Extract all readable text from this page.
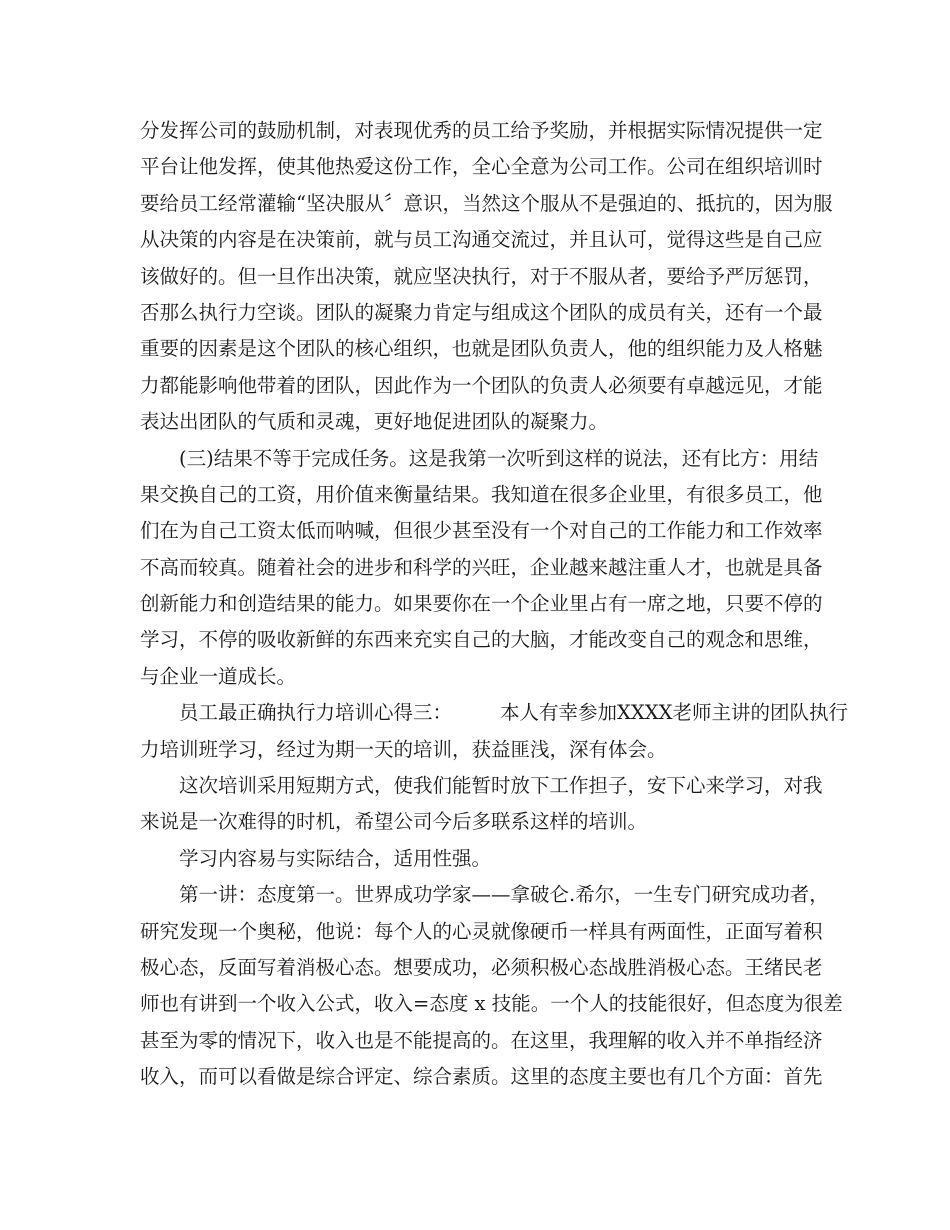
分发挥公司的鼓励机制，对表现优秀的员工给予奖励，并根据实际情况提供一定
平台让他发挥，使其他热爱这份工作，全心全意为公司工作。公司在组织培训时
要给员工经常灌输“坚决服从〞意识，当然这个服从不是强迫的、抵抗的，因为服
从决策的内容是在决策前，就与员工沟通交流过，并且认可，觉得这些是自己应
该做好的。但一旦作出决策，就应坚决执行，对于不服从者，要给予严厉惩罚，
否那么执行力空谈。团队的凝聚力肯定与组成这个团队的成员有关，还有一个最
重要的因素是这个团队的核心组织，也就是团队负责人，他的组织能力及人格魅
力都能影响他带着的团队，因此作为一个团队的负责人必须要有卓越远见，才能
表达出团队的气质和灵魂，更好地促进团队的凝聚力。
(三)结果不等于完成任务。这是我第一次听到这样的说法，还有比方：用结
果交换自己的工资，用价值来衡量结果。我知道在很多企业里，有很多员工，他
们在为自己工资太低而呐喊，但很少甚至没有一个对自己的工作能力和工作效率
不高而较真。随着社会的进步和科学的兴旺，企业越来越注重人才，也就是具备
创新能力和创造结果的能力。如果要你在一个企业里占有一席之地，只要不停的
学习，不停的吸收新鲜的东西来充实自己的大脑，才能改变自己的观念和思维，
与企业一道成长。
员工最正确执行力培训心得三： 本人有幸参加XXXX老师主讲的团队执行
力培训班学习，经过为期一天的培训，获益匪浅，深有体会。
这次培训采用短期方式，使我们能暂时放下工作担子，安下心来学习，对我
来说是一次难得的时机，希望公司今后多联系这样的培训。
学习内容易与实际结合，适用性强。
第一讲：态度第一。世界成功学家——拿破仑.希尔，一生专门研究成功者，
研究发现一个奥秘，他说：每个人的心灵就像硬币一样具有两面性，正面写着积
极心态，反面写着消极心态。想要成功，必须积极心态战胜消极心态。王绪民老
师也有讲到一个收入公式，收入=态度 x 技能。一个人的技能很好，但态度为很差
甚至为零的情况下，收入也是不能提高的。在这里，我理解的收入并不单指经济
收入，而可以看做是综合评定、综合素质。这里的态度主要也有几个方面：首先
